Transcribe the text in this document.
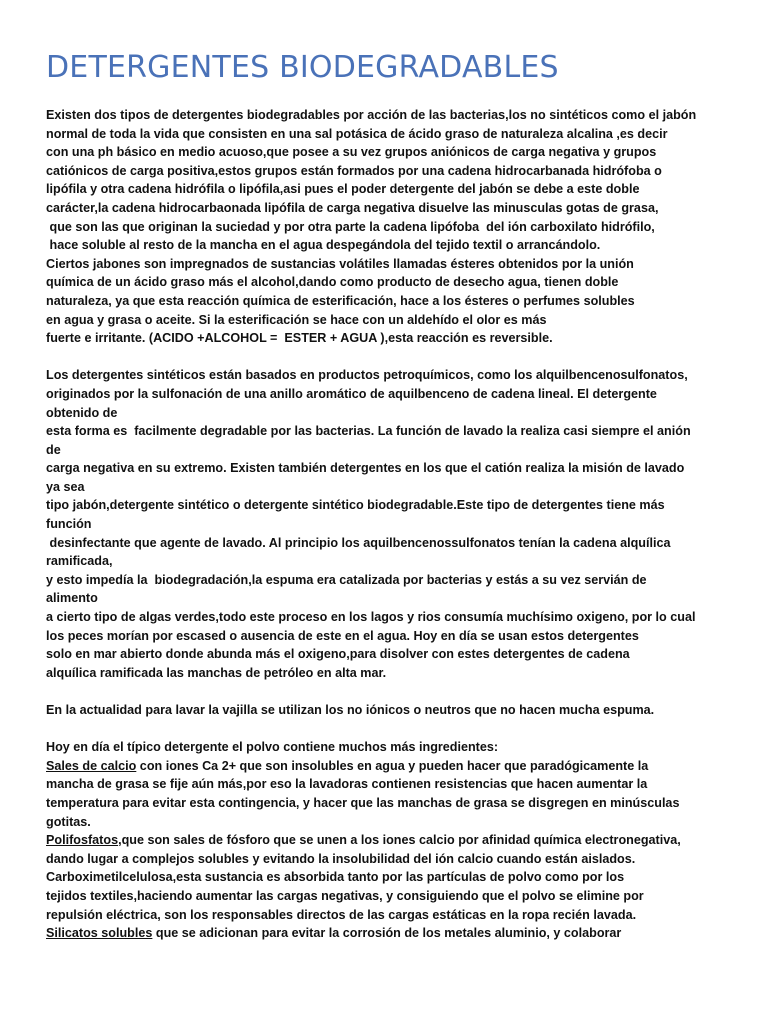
DETERGENTES BIODEGRADABLES
Existen dos tipos de detergentes biodegradables por acción de las bacterias,los no sintéticos como el jabón
normal de toda la vida que consisten en una sal potásica de ácido graso de naturaleza alcalina ,es decir
con una ph básico en medio acuoso,que posee a su vez grupos aniónicos de carga negativa y grupos
catiónicos de carga positiva,estos grupos están formados por una cadena hidrocarbanada hidrófoba o
lipófila y otra cadena hidrófila o lipófila,asi pues el poder detergente del jabón se debe a este doble
carácter,la cadena hidrocarbaonada lipófila de carga negativa disuelve las minusculas gotas de grasa,
que son las que originan la suciedad y por otra parte la cadena lipófoba  del ión carboxilato hidrófilo,
hace soluble al resto de la mancha en el agua despegándola del tejido textil o arrancándolo.
Ciertos jabones son impregnados de sustancias volátiles llamadas ésteres obtenidos por la unión
química de un ácido graso más el alcohol,dando como producto de desecho agua, tienen doble
naturaleza, ya que esta reacción química de esterificación, hace a los ésteres o perfumes solubles
en agua y grasa o aceite. Si la esterificación se hace con un aldehído el olor es más
fuerte e irritante. (ACIDO +ALCOHOL =  ESTER + AGUA ),esta reacción es reversible.
Los detergentes sintéticos están basados en productos petroquímicos, como los alquilbencenosulfonatos,
originados por la sulfonación de una anillo aromático de aquilbenceno de cadena lineal. El detergente
obtenido de
esta forma es  facilmente degradable por las bacterias. La función de lavado la realiza casi siempre el anión
de
carga negativa en su extremo. Existen también detergentes en los que el catión realiza la misión de lavado
ya sea
tipo jabón,detergente sintético o detergente sintético biodegradable.Este tipo de detergentes tiene más
función
desinfectante que agente de lavado. Al principio los aquilbencenossulfonatos tenían la cadena alquílica
ramificada,
y esto impedía la  biodegradación,la espuma era catalizada por bacterias y estás a su vez servián de
alimento
a cierto tipo de algas verdes,todo este proceso en los lagos y rios consumía muchísimo oxigeno, por lo cual
los peces morían por escased o ausencia de este en el agua. Hoy en día se usan estos detergentes
solo en mar abierto donde abunda más el oxigeno,para disolver con estes detergentes de cadena
alquílica ramificada las manchas de petróleo en alta mar.
En la actualidad para lavar la vajilla se utilizan los no iónicos o neutros que no hacen mucha espuma.
Hoy en día el típico detergente el polvo contiene muchos más ingredientes:
Sales de calcio con iones Ca 2+ que son insolubles en agua y pueden hacer que paradógicamente la
mancha de grasa se fije aún más,por eso la lavadoras contienen resistencias que hacen aumentar la
temperatura para evitar esta contingencia, y hacer que las manchas de grasa se disgregen en minúsculas
gotitas.
Polifosfatos,que son sales de fósforo que se unen a los iones calcio por afinidad química electronegativa,
dando lugar a complejos solubles y evitando la insolubilidad del ión calcio cuando están aislados.
Carboximetilcelulosa,esta sustancia es absorbida tanto por las partículas de polvo como por los
tejidos textiles,haciendo aumentar las cargas negativas, y consiguiendo que el polvo se elimine por
repulsión eléctrica, son los responsables directos de las cargas estáticas en la ropa recién lavada.
Silicatos solubles que se adicionan para evitar la corrosión de los metales aluminio, y colaborar
